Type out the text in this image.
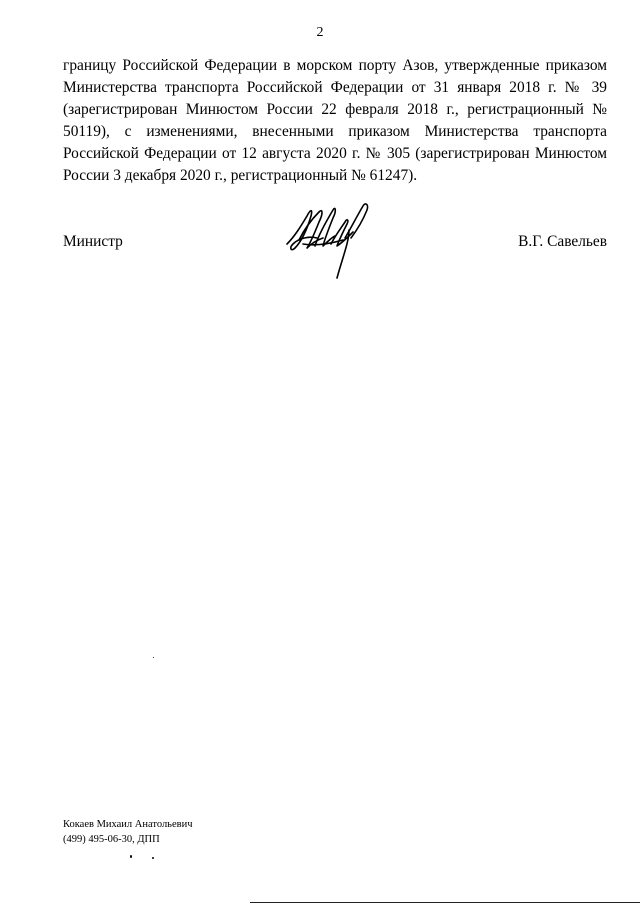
2

границу Российской Федерации в морском порту Азов, утвержденные приказом Министерства транспорта Российской Федерации от 31 января 2018 г. № 39 (зарегистрирован Минюстом России 22 февраля 2018 г., регистрационный № 50119), с изменениями, внесенными приказом Министерства транспорта Российской Федерации от 12 августа 2020 г. № 305 (зарегистрирован Минюстом России 3 декабря 2020 г., регистрационный № 61247).

Министр	В.Г. Савельев
Кокаев Михаил Анатольевич
(499) 495-06-30, ДПП
